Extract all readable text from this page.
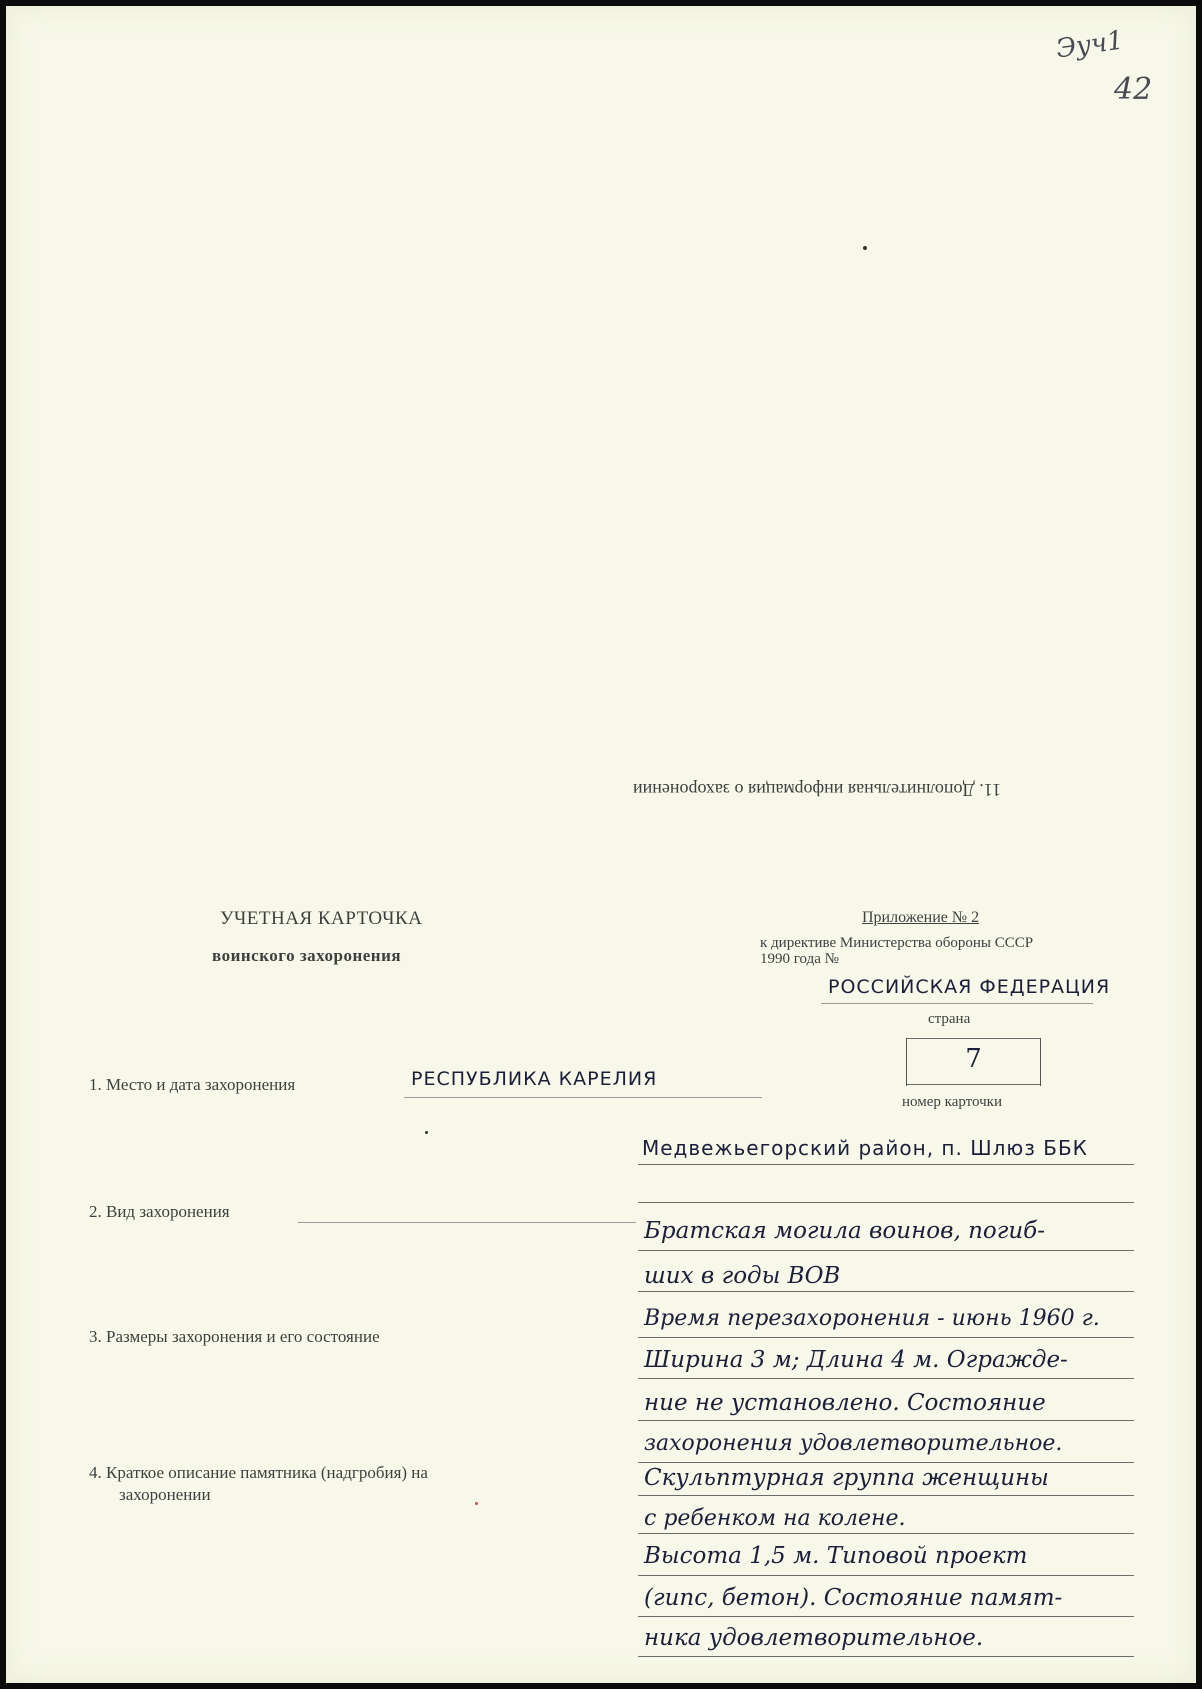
Эуч1
42
11. Дополнительная информация о захоронении
УЧЕТНАЯ КАРТОЧКА
воинского захоронения
Приложение № 2
к директиве Министерства обороны СССР
1990 года №
РОССИЙСКАЯ ФЕДЕРАЦИЯ
страна
7
номер карточки
1. Место и дата захоронения	РЕСПУБЛИКА КАРЕЛИЯ
Медвежьегорский район, п. Шлюз ББК
2. Вид захоронения
Братская могила воинов, погиб-
ших в годы ВОВ
3. Размеры захоронения и его состояние
Время перезахоронения - июнь 1960 г.
Ширина 3 м; Длина 4 м. Огражде-
ние не установлено. Состояние
захоронения удовлетворительное.
4. Краткое описание памятника (надгробия) на
захоронении
Скульптурная группа женщины
с ребенком на колене.
Высота 1,5 м. Типовой проект
(гипс, бетон). Состояние памят-
ника удовлетворительное.
